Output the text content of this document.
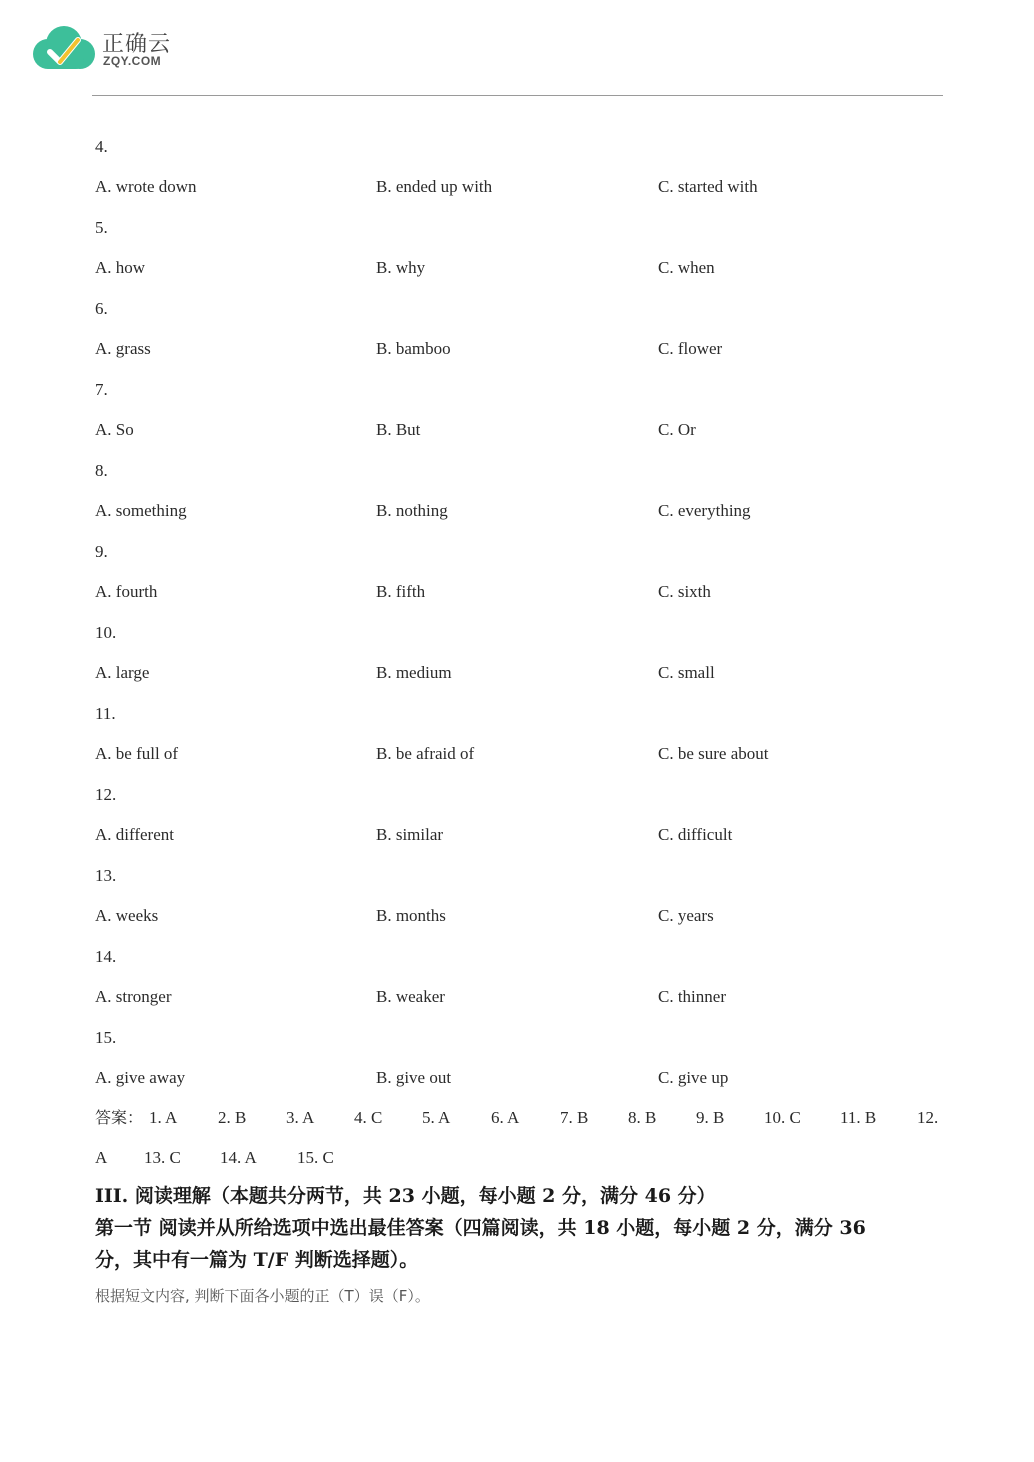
正确云
ZQY.COM
4.
A. wrote down	B. ended up with	C. started with
5.
A. how	B. why	C. when
6.
A. grass	B. bamboo	C. flower
7.
A. So	B. But	C. Or
8.
A. something	B. nothing	C. everything
9.
A. fourth	B. fifth	C. sixth
10.
A. large	B. medium	C. small
11.
A. be full of	B. be afraid of	C. be sure about
12.
A. different	B. similar	C. difficult
13.
A. weeks	B. months	C. years
14.
A. stronger	B. weaker	C. thinner
15.
A. give away	B. give out	C. give up
答案： 1. A 2. B 3. A 4. C 5. A 6. A 7. B 8. B 9. B 10. C 11. B 12.
A 13. C 14. A 15. C
III. 阅读理解（本题共分两节，共 23 小题，每小题 2 分，满分 46 分）
第一节 阅读并从所给选项中选出最佳答案（四篇阅读，共 18 小题，每小题 2 分，满分 36
分，其中有一篇为 T/F 判断选择题）。
根据短文内容, 判断下面各小题的正（T）误（F）。
